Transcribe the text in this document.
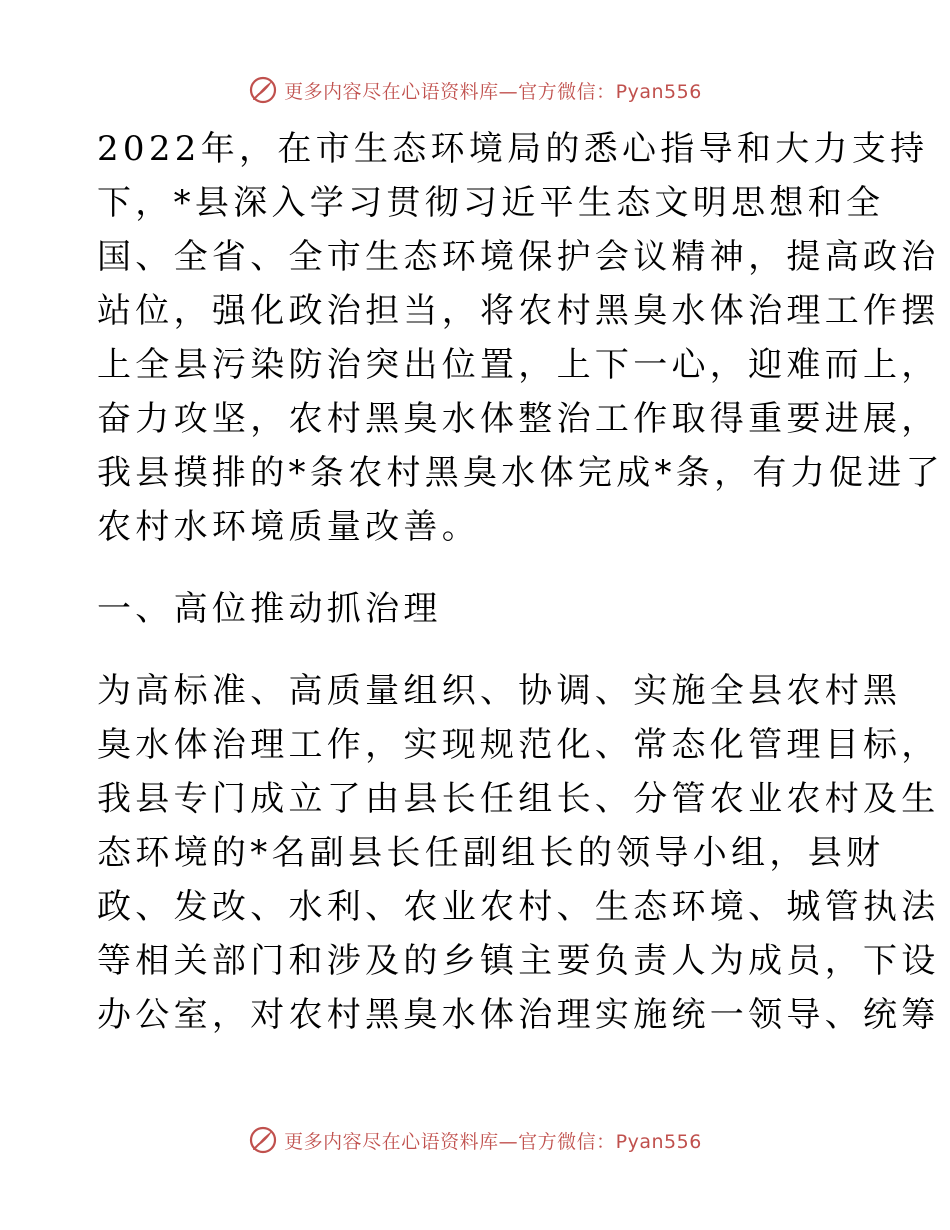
更多内容尽在心语资料库—官方微信：Pyan556
2022年，在市生态环境局的悉心指导和大力支持
下，*县深入学习贯彻习近平生态文明思想和全
国、全省、全市生态环境保护会议精神，提高政治
站位，强化政治担当，将农村黑臭水体治理工作摆
上全县污染防治突出位置，上下一心，迎难而上，
奋力攻坚，农村黑臭水体整治工作取得重要进展，
我县摸排的*条农村黑臭水体完成*条，有力促进了
农村水环境质量改善。
一、高位推动抓治理
为高标准、高质量组织、协调、实施全县农村黑
臭水体治理工作，实现规范化、常态化管理目标，
我县专门成立了由县长任组长、分管农业农村及生
态环境的*名副县长任副组长的领导小组，县财
政、发改、水利、农业农村、生态环境、城管执法
等相关部门和涉及的乡镇主要负责人为成员，下设
办公室，对农村黑臭水体治理实施统一领导、统筹
更多内容尽在心语资料库—官方微信：Pyan556
